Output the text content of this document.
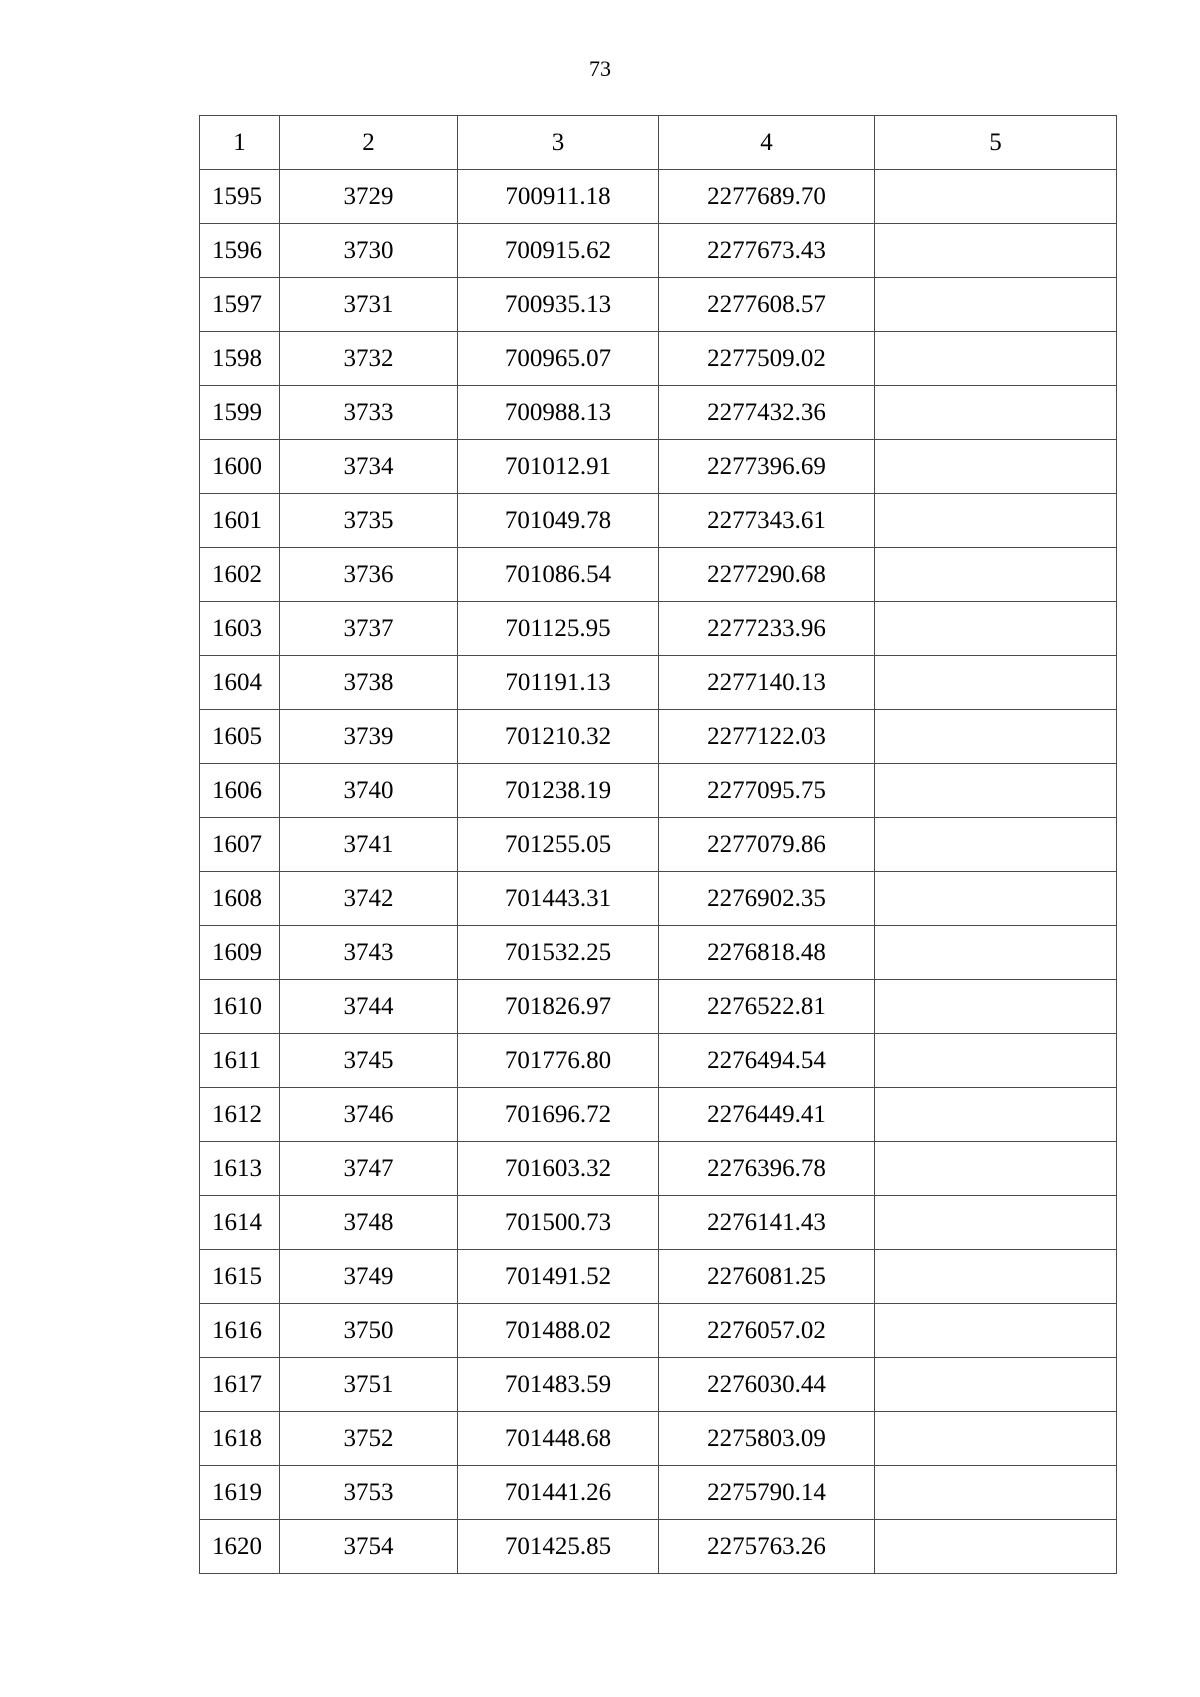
73
1	2	3	4	5
1595	3729	700911.18	2277689.70	
1596	3730	700915.62	2277673.43	
1597	3731	700935.13	2277608.57	
1598	3732	700965.07	2277509.02	
1599	3733	700988.13	2277432.36	
1600	3734	701012.91	2277396.69	
1601	3735	701049.78	2277343.61	
1602	3736	701086.54	2277290.68	
1603	3737	701125.95	2277233.96	
1604	3738	701191.13	2277140.13	
1605	3739	701210.32	2277122.03	
1606	3740	701238.19	2277095.75	
1607	3741	701255.05	2277079.86	
1608	3742	701443.31	2276902.35	
1609	3743	701532.25	2276818.48	
1610	3744	701826.97	2276522.81	
1611	3745	701776.80	2276494.54	
1612	3746	701696.72	2276449.41	
1613	3747	701603.32	2276396.78	
1614	3748	701500.73	2276141.43	
1615	3749	701491.52	2276081.25	
1616	3750	701488.02	2276057.02	
1617	3751	701483.59	2276030.44	
1618	3752	701448.68	2275803.09	
1619	3753	701441.26	2275790.14	
1620	3754	701425.85	2275763.26	
